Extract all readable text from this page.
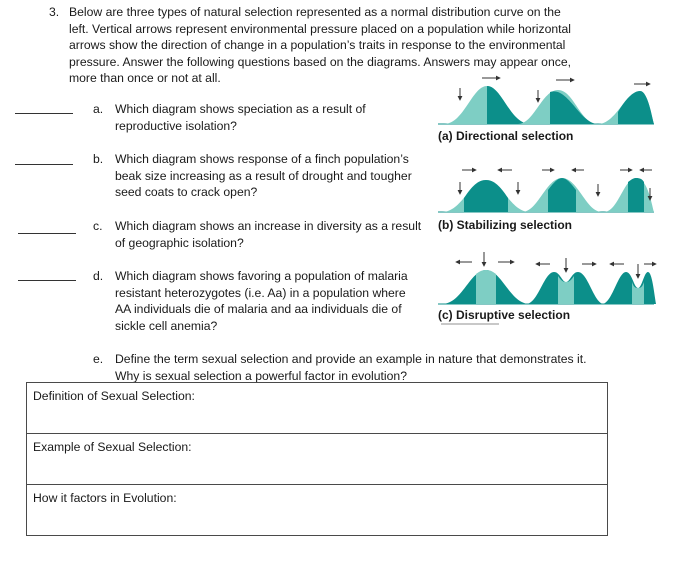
3. Below are three types of natural selection represented as a normal distribution curve on the
left. Vertical arrows represent environmental pressure placed on a population while horizontal
arrows show the direction of change in a population’s traits in response to the environmental
pressure. Answer the following questions based on the diagrams. Answers may appear once,
more than once or not at all.
a. Which diagram shows speciation as a result of
reproductive isolation?
b. Which diagram shows response of a finch population’s
beak size increasing as a result of drought and tougher
seed coats to crack open?
c.	Which diagram shows an increase in diversity as a result
of geographic isolation?
d. Which diagram shows favoring a population of malaria
resistant heterozygotes (i.e. Aa) in a population where
AA individuals die of malaria and aa individuals die of
sickle cell anemia?
(a) Directional selection
(b) Stabilizing selection
(c) Disruptive selection
e. Define the term sexual selection and provide an example in nature that demonstrates it.
Why is sexual selection a powerful factor in evolution?
Definition of Sexual Selection:
Example of Sexual Selection:
How it factors in Evolution:
